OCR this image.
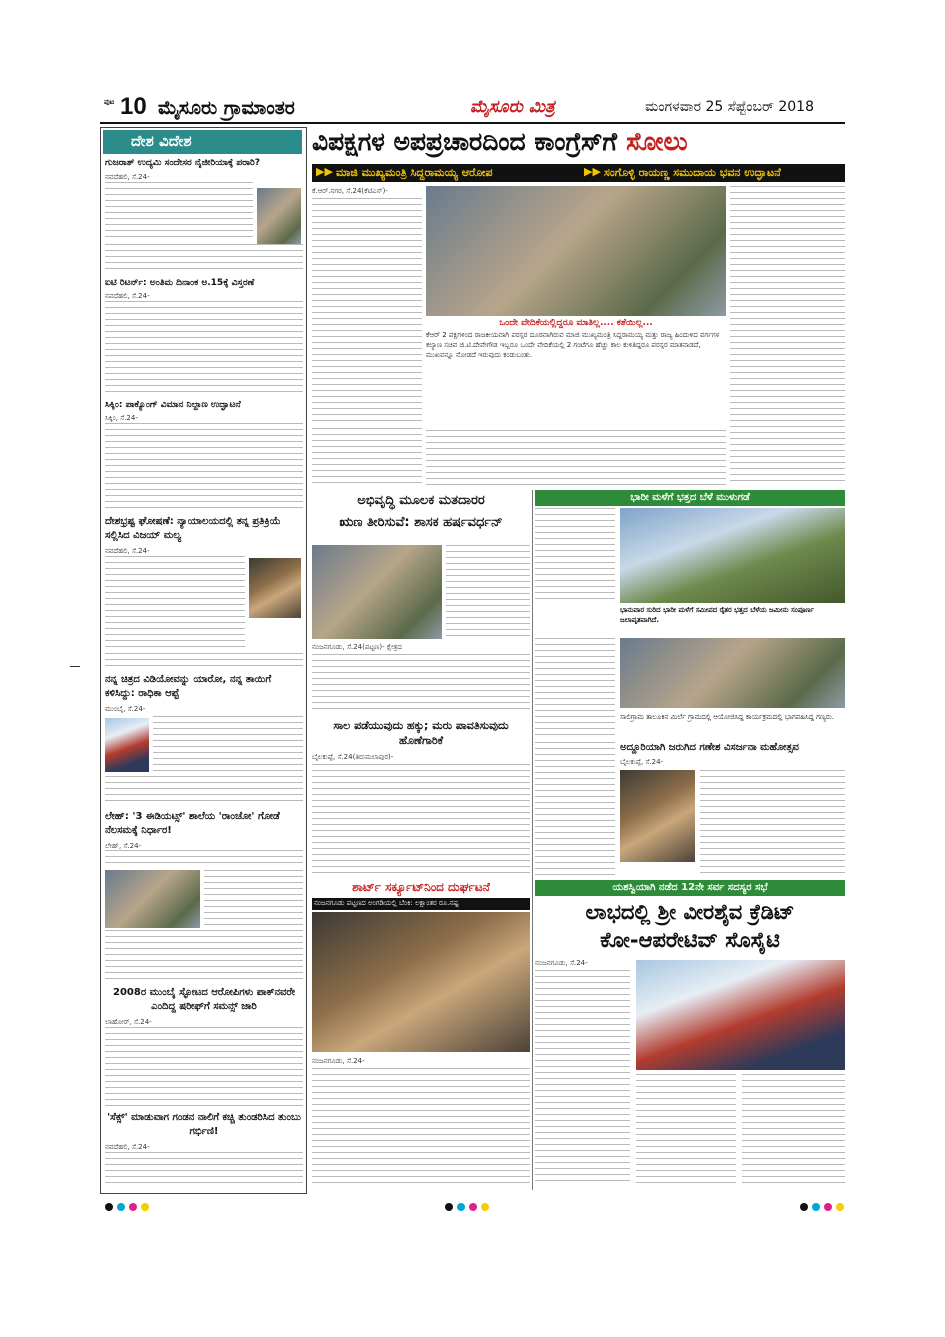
ಪುಟ 10 ಮೈಸೂರು ಗ್ರಾಮಾಂತರ	ಮೈಸೂರು ಮಿತ್ರ	ಮಂಗಳವಾರ 25 ಸೆಪ್ಟೆಂಬರ್ 2018
ದೇಶ ವಿದೇಶ
ಗುಜರಾತ್ ಉದ್ಯಮಿ ಸಂದೇಸರ ನೈಜೀರಿಯಾಕ್ಕೆ ಪರಾರಿ?
ನವದೆಹಲಿ, ಸೆ.24-
ಐಟಿ ರಿಟರ್ನ್: ಅಂತಿಮ ದಿನಾಂಕ ಅ.15ಕ್ಕೆ ವಿಸ್ತರಣೆ
ನವದೆಹಲಿ, ಸೆ.24-
ಸಿಕ್ಕಿಂ: ಪಾಕ್ಯೊಂಗ್ ವಿಮಾನ ನಿಲ್ದಾಣ ಉದ್ಘಾಟನೆ
ಸಿಕ್ಕಿಂ, ಸೆ.24-
ದೇಶಭ್ರಷ್ಟ ಘೋಷಣೆ: ನ್ಯಾಯಾಲಯದಲ್ಲಿ ತನ್ನ ಪ್ರತಿಕ್ರಿಯೆ ಸಲ್ಲಿಸಿದ ವಿಜಯ್ ಮಲ್ಯ
ನವದೆಹಲಿ, ಸೆ.24-
ನನ್ನ ಚಿತ್ರದ ವಿಡಿಯೋವನ್ನು ಯಾರೋ, ನನ್ನ ತಾಯಿಗೆ ಕಳಿಸಿದ್ದು: ರಾಧಿಕಾ ಆಪ್ಟೆ
ಮುಂಬೈ, ಸೆ.24-
ಲೇಹ್: '3 ಈಡಿಯಟ್ಸ್' ಶಾಲೆಯ 'ರಾಂಚೋ' ಗೋಡೆ ನೆಲಸಮಕ್ಕೆ ನಿರ್ಧಾರ!
ಲೇಹ್, ಸೆ.24-
2008ರ ಮುಂಬೈ ಸ್ಫೋಟದ ಆರೋಪಿಗಳು ಪಾಕ್‌ನವರೇ ಎಂದಿದ್ದ ಷರೀಫ್‌ಗೆ ಸಮನ್ಸ್ ಜಾರಿ
ಲಾಹೋರ್, ಸೆ.24-
'ಸೆಕ್ಸ್' ಮಾಡುವಾಗ ಗಂಡನ ನಾಲಿಗೆ ಕಚ್ಚಿ ತುಂಡರಿಸಿದ ತುಂಬು ಗರ್ಭಿಣಿ!
ನವದೆಹಲಿ, ಸೆ.24-
ವಿಪಕ್ಷಗಳ ಅಪಪ್ರಚಾರದಿಂದ ಕಾಂಗ್ರೆಸ್‌ಗೆ ಸೋಲು
▶▶ ಮಾಜಿ ಮುಖ್ಯಮಂತ್ರಿ ಸಿದ್ದರಾಮಯ್ಯ ಆರೋಪ	▶▶ ಸಂಗೊಳ್ಳಿ ರಾಯಣ್ಣ ಸಮುದಾಯ ಭವನ ಉದ್ಘಾಟನೆ
ಕೆ.ಆರ್.ನಗರ, ಸೆ.24(ಕೆಟಿಎಸ್)-
ಒಂದೇ ವೇದಿಕೆಯಲ್ಲಿದ್ದರೂ ಮಾತಿಲ್ಲ.... ಕತೆಯಿಲ್ಲ...
ಕೆಆರ್ 2 ಪಕ್ಷಗಳಿಂದ ರಾಜಕೀಯವಾಗಿ ಪರಸ್ಪರ ದೂರವಾಗಿರುವ ಮಾಜಿ ಮುಖ್ಯಮಂತ್ರಿ ಸಿದ್ದರಾಮಯ್ಯ ಮತ್ತು ರಾಜ್ಯ ಹಿಂದುಳಿದ ವರ್ಗಗಳ ಕಲ್ಯಾಣ ಸಚಿವ ಜಿ.ಟಿ.ದೇವೇಗೌಡ ಇಬ್ಬರೂ ಒಂದೇ ವೇದಿಕೆಯಲ್ಲಿ 2 ಗಂಟೆಗೂ ಹೆಚ್ಚು ಕಾಲ ಕುಳಿತಿದ್ದರೂ ಪರಸ್ಪರ ಮಾತನಾಡದೆ, ಮುಖವನ್ನೂ ನೋಡದೆ ಇರುವುದು ಕಂಡುಬಂತು.
ಅಭಿವೃದ್ಧಿ ಮೂಲಕ ಮತದಾರರ
ಋಣ ತೀರಿಸುವೆ: ಶಾಸಕ ಹರ್ಷವರ್ಧನ್
ನಂಜನಗೂಡು, ಸೆ.24(ಪಟ್ಟಣ)- ಕ್ಷೇತ್ರದ
ಭಾರೀ ಮಳೆಗೆ ಭತ್ತದ ಬೆಳೆ ಮುಳುಗಡೆ
ಭಾನುವಾರ ಸುರಿದ ಭಾರೀ ಮಳೆಗೆ ಸಮೀಪದ ರೈತರ ಭತ್ತದ ಬೆಳೆಯ ಜಮೀನು ಸಂಪೂರ್ಣ ಜಲಾವೃತವಾಗಿದೆ.
ಸಾಲ ಪಡೆಯುವುದು ಹಕ್ಕು; ಮರು ಪಾವತಿಸುವುದು ಹೊಣೆಗಾರಿಕೆ
ಬೈಲಕುಪ್ಪೆ, ಸೆ.24(ತಿರುಮಲಾಪುರ)-
ಸಾಲಿಗ್ರಾಮ ತಾಲೂಕಿನ ಮಿರ್ಲೆ ಗ್ರಾಮದಲ್ಲಿ ಆಯೋಜಿಸಿದ್ದ ಕಾರ್ಯಕ್ರಮದಲ್ಲಿ ಭಾಗವಹಿಸಿದ್ದ ಗಣ್ಯರು.
ಅದ್ದೂರಿಯಾಗಿ ಜರುಗಿದ ಗಣೇಶ ವಿಸರ್ಜನಾ ಮಹೋತ್ಸವ
ಬೈಲಕುಪ್ಪೆ, ಸೆ.24-
ಶಾರ್ಟ್ ಸರ್ಕ್ಯೂಟ್‌ನಿಂದ ದುರ್ಘಟನೆ
ನಂಜನಗೂಡು ಪಟ್ಟಣದ ಅಂಗಡಿಯಲ್ಲಿ ಬೆಂಕಿ: ಲಕ್ಷಾಂತರ ರೂ.ನಷ್ಟ
ನಂಜನಗೂಡು, ಸೆ.24-
ಯಶಸ್ವಿಯಾಗಿ ನಡೆದ 12ನೇ ಸರ್ವ ಸದಸ್ಯರ ಸಭೆ
ಲಾಭದಲ್ಲಿ ಶ್ರೀ ವೀರಶೈವ ಕ್ರೆಡಿಟ್
ಕೋ-ಆಪರೇಟಿವ್ ಸೊಸೈಟಿ
ನಂಜನಗೂಡು, ಸೆ.24-
